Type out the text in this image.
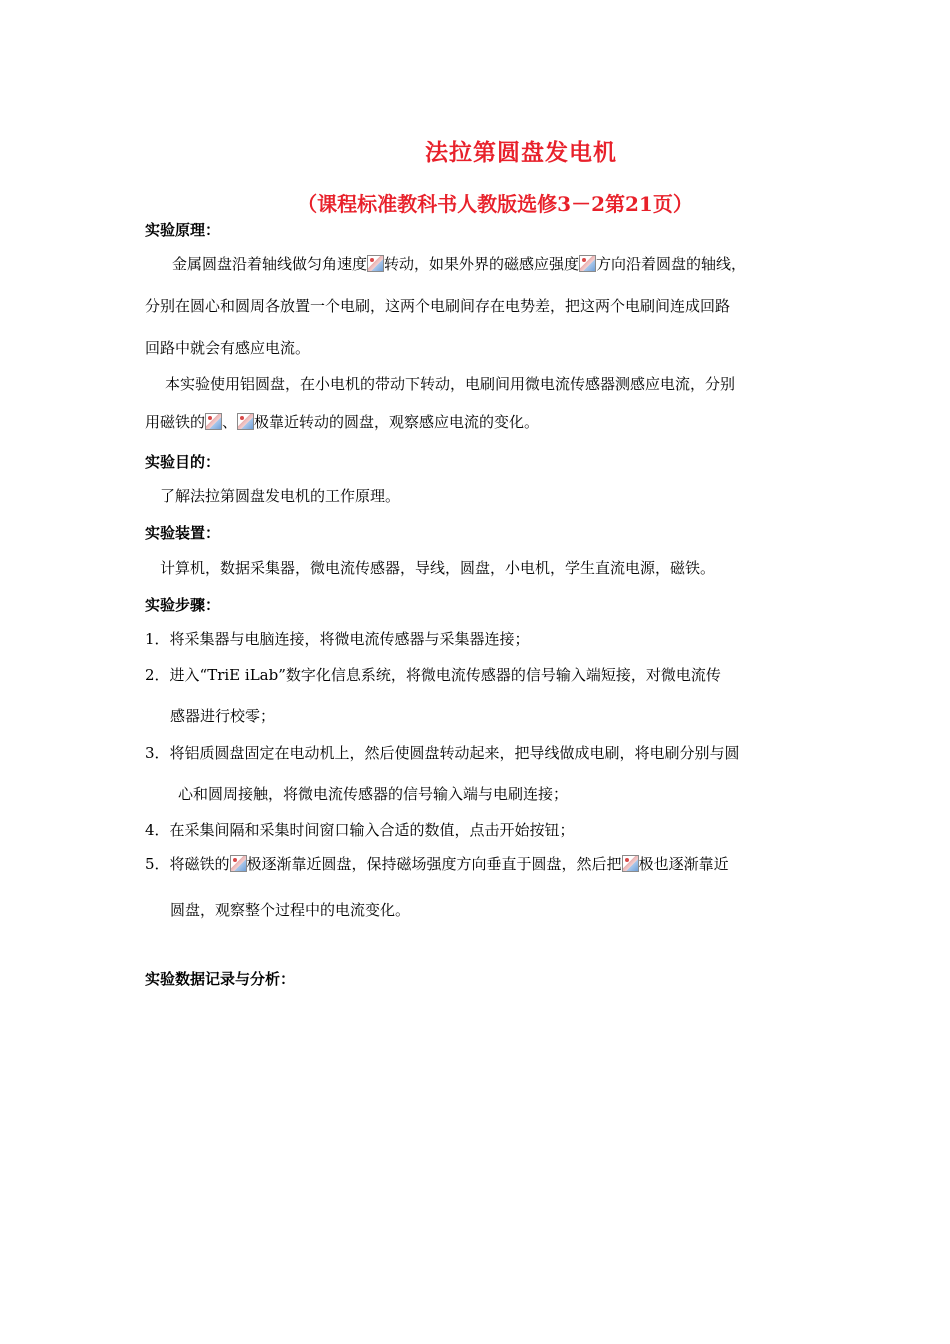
法拉第圆盘发电机
（课程标准教科书人教版选修3－2第21页）

实验原理：

金属圆盘沿着轴线做匀角速度 转动，如果外界的磁感应强度 方向沿着圆盘的轴线，

分别在圆心和圆周各放置一个电刷，这两个电刷间存在电势差，把这两个电刷间连成回路

回路中就会有感应电流。

本实验使用铝圆盘，在小电机的带动下转动，电刷间用微电流传感器测感应电流，分别

用磁铁的 、 极靠近转动的圆盘，观察感应电流的变化。

实验目的：

了解法拉第圆盘发电机的工作原理。

实验装置：

计算机，数据采集器，微电流传感器，导线，圆盘，小电机，学生直流电源，磁铁。

实验步骤：

1．将采集器与电脑连接，将微电流传感器与采集器连接；

2．进入“TriE iLab”数字化信息系统，将微电流传感器的信号输入端短接，对微电流传

感器进行校零；

3．将铝质圆盘固定在电动机上，然后使圆盘转动起来，把导线做成电刷，将电刷分别与圆

心和圆周接触，将微电流传感器的信号输入端与电刷连接；

4．在采集间隔和采集时间窗口输入合适的数值，点击开始按钮；

5．将磁铁的 极逐渐靠近圆盘，保持磁场强度方向垂直于圆盘，然后把 极也逐渐靠近

圆盘，观察整个过程中的电流变化。

实验数据记录与分析：
